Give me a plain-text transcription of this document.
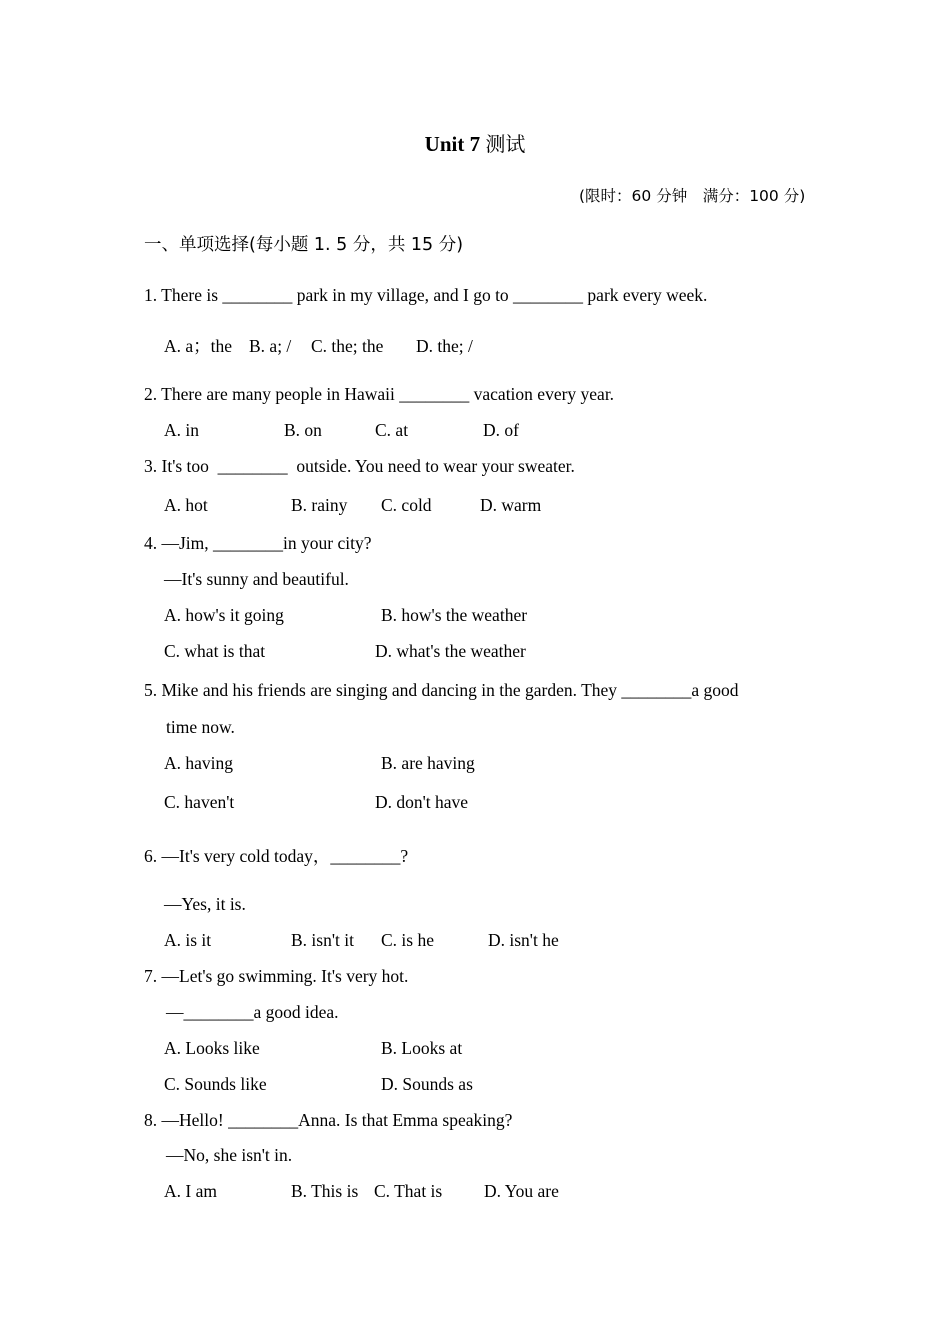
Unit 7 测试
(限时：60 分钟　满分：100 分)
一、单项选择(每小题 1. 5 分，共 15 分)
1. There is ________ park in my village, and I go to ________ park every week.
A. a；the B. a; / C. the; the D. the; /
2. There are many people in Hawaii ________ vacation every year.
A. in	B. on	C. at	D. of
3. It's too  ________  outside. You need to wear your sweater.
A. hot	B. rainy C. cold	D. warm
4. —Jim, ________in your city?
—It's sunny and beautiful.
A. how's it going	B. how's the weather
C. what is that	D. what's the weather
5. Mike and his friends are singing and dancing in the garden. They ________a good
time now.
A. having	B. are having
C. haven't	D. don't have
6. —It's very cold today，________?
—Yes, it is.
A. is it	B. isn't it C. is he	D. isn't he
7. —Let's go swimming. It's very hot.
—________a good idea.
A. Looks like	B. Looks at
C. Sounds like	D. Sounds as
8. —Hello! ________Anna. Is that Emma speaking?
—No, she isn't in.
A. I am	B. This is C. That is D. You are
